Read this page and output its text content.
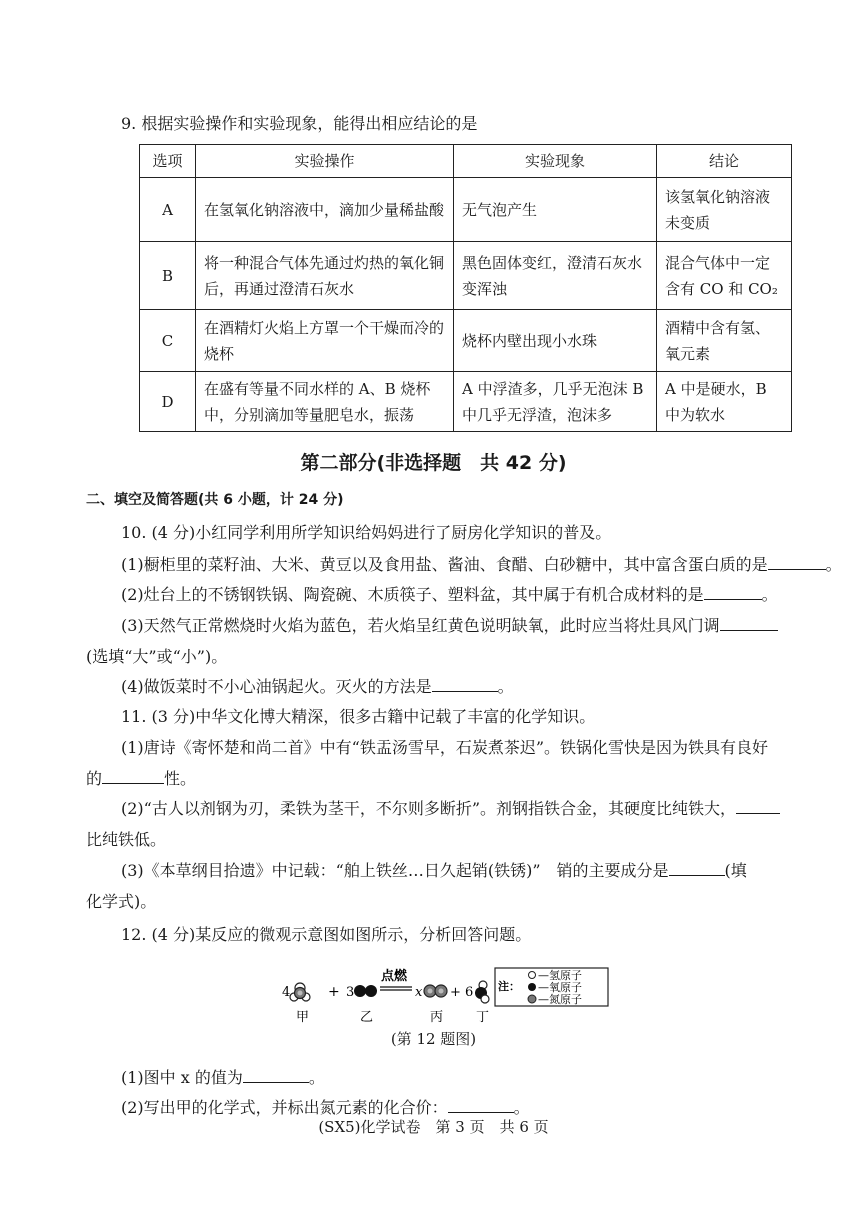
9. 根据实验操作和实验现象，能得出相应结论的是
选项	实验操作	实验现象	结论
A	在氢氧化钠溶液中，滴加少量稀盐酸	无气泡产生	该氢氧化钠溶液未变质
B	将一种混合气体先通过灼热的氧化铜后，再通过澄清石灰水	黑色固体变红，澄清石灰水变浑浊	混合气体中一定含有 CO 和 CO₂
C	在酒精灯火焰上方罩一个干燥而冷的烧杯	烧杯内壁出现小水珠	酒精中含有氢、氧元素
D	在盛有等量不同水样的 A、B 烧杯中，分别滴加等量肥皂水，振荡	A 中浮渣多，几乎无泡沫 B 中几乎无浮渣，泡沫多	A 中是硬水，B 中为软水
第二部分(非选择题　共 42 分)
二、填空及简答题(共 6 小题，计 24 分)
10. (4 分)小红同学利用所学知识给妈妈进行了厨房化学知识的普及。
(1)橱柜里的菜籽油、大米、黄豆以及食用盐、酱油、食醋、白砂糖中，其中富含蛋白质的是	。
(2)灶台上的不锈钢铁锅、陶瓷碗、木质筷子、塑料盆，其中属于有机合成材料的是	。
(3)天然气正常燃烧时火焰为蓝色，若火焰呈红黄色说明缺氧，此时应当将灶具风门调
(选填“大”或“小”)。
(4)做饭菜时不小心油锅起火。灭火的方法是	。
11. (3 分)中华文化博大精深，很多古籍中记载了丰富的化学知识。
(1)唐诗《寄怀楚和尚二首》中有“铁盂汤雪早，石炭煮茶迟”。铁锅化雪快是因为铁具有良好
的	性。
(2)“古人以剂钢为刃，柔铁为茎干，不尔则多断折”。剂钢指铁合金，其硬度比纯铁大，
比纯铁低。
(3)《本草纲目拾遗》中记载：“舶上铁丝…日久起销(铁锈)”　销的主要成分是	(填
化学式)。
12. (4 分)某反应的微观示意图如图所示，分析回答问题。
4	+ 3
点燃
x + 6
甲	乙	丙	丁
注：
—氢原子
—氧原子
—氮原子
(第 12 题图)
(1)图中 x 的值为	。
(2)写出甲的化学式，并标出氮元素的化合价：	。
(SX5)化学试卷　第 3 页　共 6 页
